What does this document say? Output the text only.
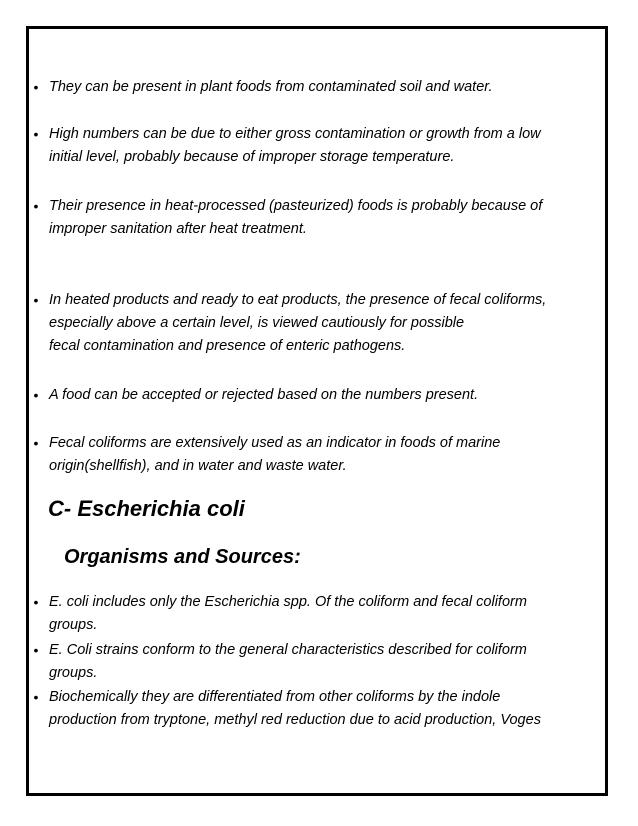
• They can be present in plant foods from contaminated soil and water.
• High numbers can be due to either gross contamination or growth from a low
initial level, probably because of improper storage temperature.
• Their presence in heat-processed (pasteurized) foods is probably because of
improper sanitation after heat treatment.
• In heated products and ready to eat products, the presence of fecal coliforms,
especially above a certain level, is viewed cautiously for possible
fecal contamination and presence of enteric pathogens.
• A food can be accepted or rejected based on the numbers present.
• Fecal coliforms are extensively used as an indicator in foods of marine
origin(shellfish), and in water and waste water.
C- Escherichia coli
Organisms and Sources:
• E. coli includes only the Escherichia spp. Of the coliform and fecal coliform
groups.
• E. Coli strains conform to the general characteristics described for coliform
groups.
• Biochemically they are differentiated from other coliforms by the indole
production from tryptone, methyl red reduction due to acid production, Voges
